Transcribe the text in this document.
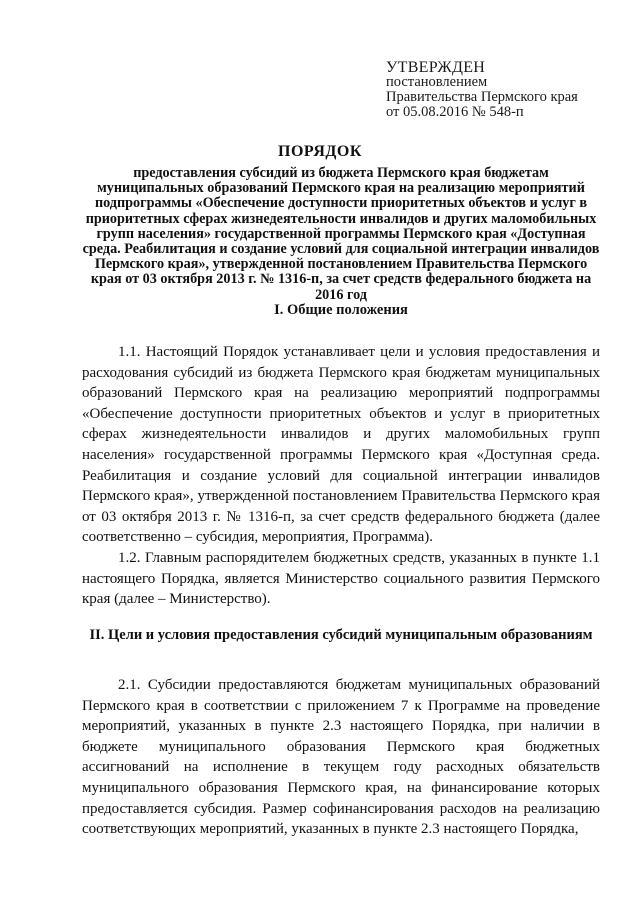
УТВЕРЖДЕН
постановлением
Правительства Пермского края
от 05.08.2016 № 548-п
ПОРЯДОК

предоставления субсидий из бюджета Пермского края бюджетам муниципальных образований Пермского края на реализацию мероприятий подпрограммы «Обеспечение доступности приоритетных объектов и услуг в приоритетных сферах жизнедеятельности инвалидов и других маломобильных групп населения» государственной программы Пермского края «Доступная среда. Реабилитация и создание условий для социальной интеграции инвалидов Пермского края», утвержденной постановлением Правительства Пермского края от 03 октября 2013 г. № 1316-п, за счет средств федерального бюджета на 2016 год

I. Общие положения

1.1. Настоящий Порядок устанавливает цели и условия предоставления и расходования субсидий из бюджета Пермского края бюджетам муниципальных образований Пермского края на реализацию мероприятий подпрограммы «Обеспечение доступности приоритетных объектов и услуг в приоритетных сферах жизнедеятельности инвалидов и других маломобильных групп населения» государственной программы Пермского края «Доступная среда. Реабилитация и создание условий для социальной интеграции инвалидов Пермского края», утвержденной постановлением Правительства Пермского края от 03 октября 2013 г. № 1316-п, за счет средств федерального бюджета (далее соответственно – субсидия, мероприятия, Программа).

1.2. Главным распорядителем бюджетных средств, указанных в пункте 1.1 настоящего Порядка, является Министерство социального развития Пермского края (далее – Министерство).

II. Цели и условия предоставления субсидий муниципальным образованиям

2.1. Субсидии предоставляются бюджетам муниципальных образований Пермского края в соответствии с приложением 7 к Программе на проведение мероприятий, указанных в пункте 2.3 настоящего Порядка, при наличии в бюджете муниципального образования Пермского края бюджетных ассигнований на исполнение в текущем году расходных обязательств муниципального образования Пермского края, на финансирование которых предоставляется субсидия. Размер софинансирования расходов на реализацию соответствующих мероприятий, указанных в пункте 2.3 настоящего Порядка,
